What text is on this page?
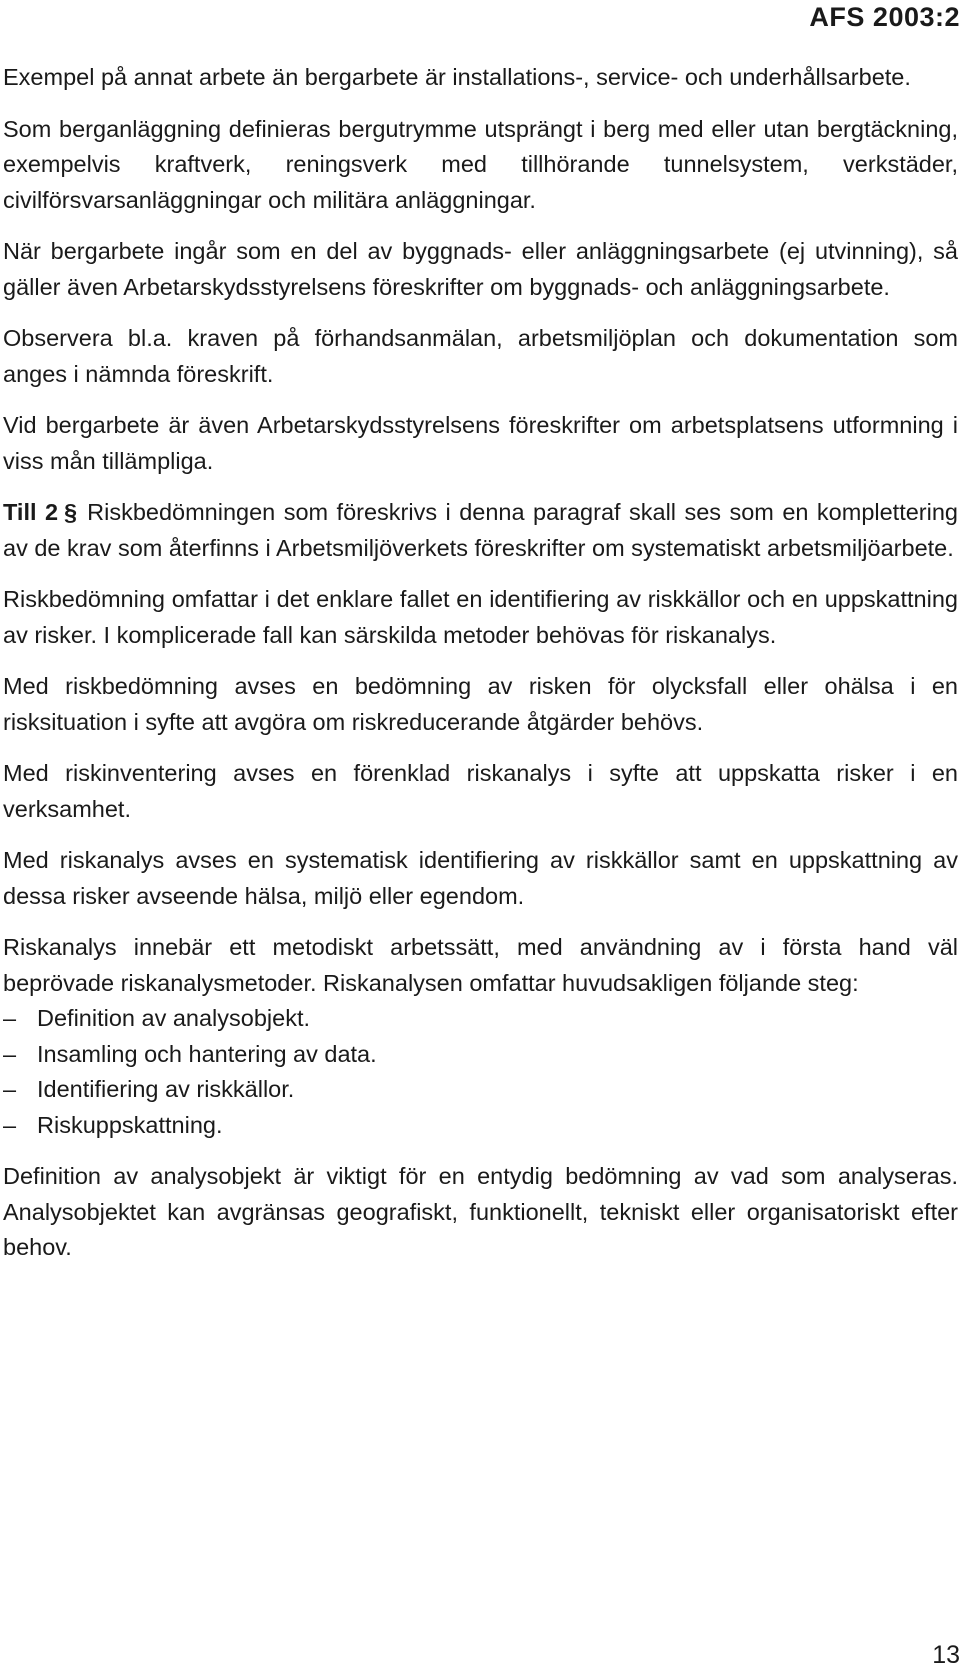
AFS 2003:2

Exempel på annat arbete än bergarbete är installations-, service- och underhållsarbete.

Som berganläggning definieras bergutrymme utsprängt i berg med eller utan bergtäckning, exempelvis kraftverk, reningsverk med tillhörande tunnelsystem, verkstäder, civilförsvarsanläggningar och militära anläggningar.

När bergarbete ingår som en del av byggnads- eller anläggningsarbete (ej utvinning), så gäller även Arbetarskydsstyrelsens föreskrifter om byggnads- och anläggningsarbete.

Observera bl.a. kraven på förhandsanmälan, arbetsmiljöplan och dokumentation som anges i nämnda föreskrift.

Vid bergarbete är även Arbetarskydsstyrelsens föreskrifter om arbetsplatsens utformning i viss mån tillämpliga.

Till 2 § Riskbedömningen som föreskrivs i denna paragraf skall ses som en komplettering av de krav som återfinns i Arbetsmiljöverkets föreskrifter om systematiskt arbetsmiljöarbete.

Riskbedömning omfattar i det enklare fallet en identifiering av riskkällor och en uppskattning av risker. I komplicerade fall kan särskilda metoder behövas för riskanalys.

Med riskbedömning avses en bedömning av risken för olycksfall eller ohälsa i en risksituation i syfte att avgöra om riskreducerande åtgärder behövs.

Med riskinventering avses en förenklad riskanalys i syfte att uppskatta risker i en verksamhet.

Med riskanalys avses en systematisk identifiering av riskkällor samt en uppskattning av dessa risker avseende hälsa, miljö eller egendom.

Riskanalys innebär ett metodiskt arbetssätt, med användning av i första hand väl beprövade riskanalysmetoder. Riskanalysen omfattar huvudsakligen följande steg:

– Definition av analysobjekt.
– Insamling och hantering av data.
– Identifiering av riskkällor.
– Riskuppskattning.

Definition av analysobjekt är viktigt för en entydig bedömning av vad som analyseras. Analysobjektet kan avgränsas geografiskt, funktionellt, tekniskt eller organisatoriskt efter behov.

13
